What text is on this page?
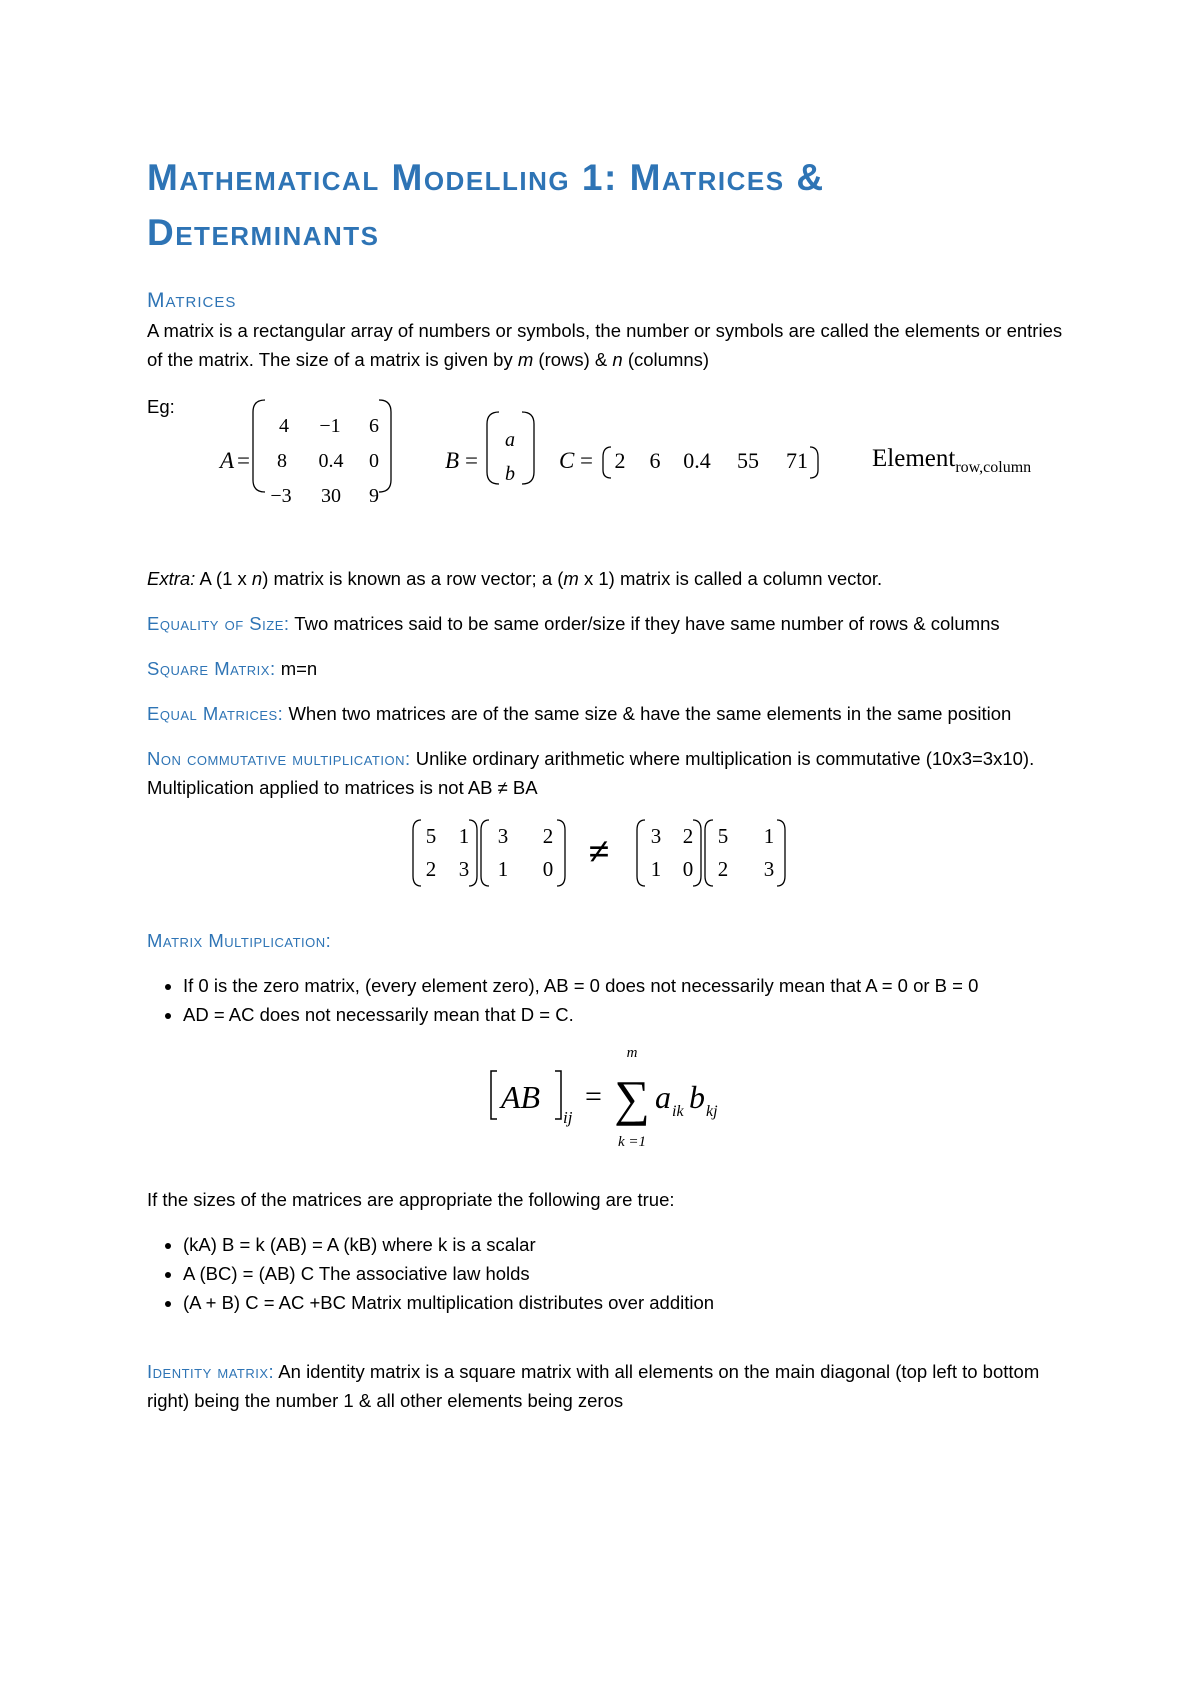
Mathematical Modelling 1: Matrices & Determinants
Matrices

A matrix is a rectangular array of numbers or symbols, the number or symbols are called the elements or entries of the matrix. The size of a matrix is given by m (rows) & n (columns)

Eg:
A =
4 −1 6
8 0.4 0
−3 30 9
B =
a
b
C = 2 6 0.4 55 71	Element$_{row,column}$

Extra: A (1 x n) matrix is known as a row vector; a (m x 1) matrix is called a column vector.

Equality of Size: Two matrices said to be same order/size if they have same number of rows & columns

Square Matrix: m=n

Equal Matrices: When two matrices are of the same size & have the same elements in the same position

Non commutative multiplication: Unlike ordinary arithmetic where multiplication is commutative (10x3=3x10). Multiplication applied to matrices is not AB ≠ BA

5 1
2 3
3 2
1 0 ≠ 3 2
1 0
5 1
2 3

Matrix Multiplication:

• If 0 is the zero matrix, (every element zero), AB = 0 does not necessarily mean that A = 0 or B = 0
• AD = AC does not necessarily mean that D = C.
AB
ij
=
m
∑
k =1
a ik b kj

If the sizes of the matrices are appropriate the following are true:

• (kA) B = k (AB) = A (kB) where k is a scalar
• A (BC) = (AB) C The associative law holds
• (A + B) C = AC +BC Matrix multiplication distributes over addition

Identity matrix: An identity matrix is a square matrix with all elements on the main diagonal (top left to bottom right) being the number 1 & all other elements being zeros
